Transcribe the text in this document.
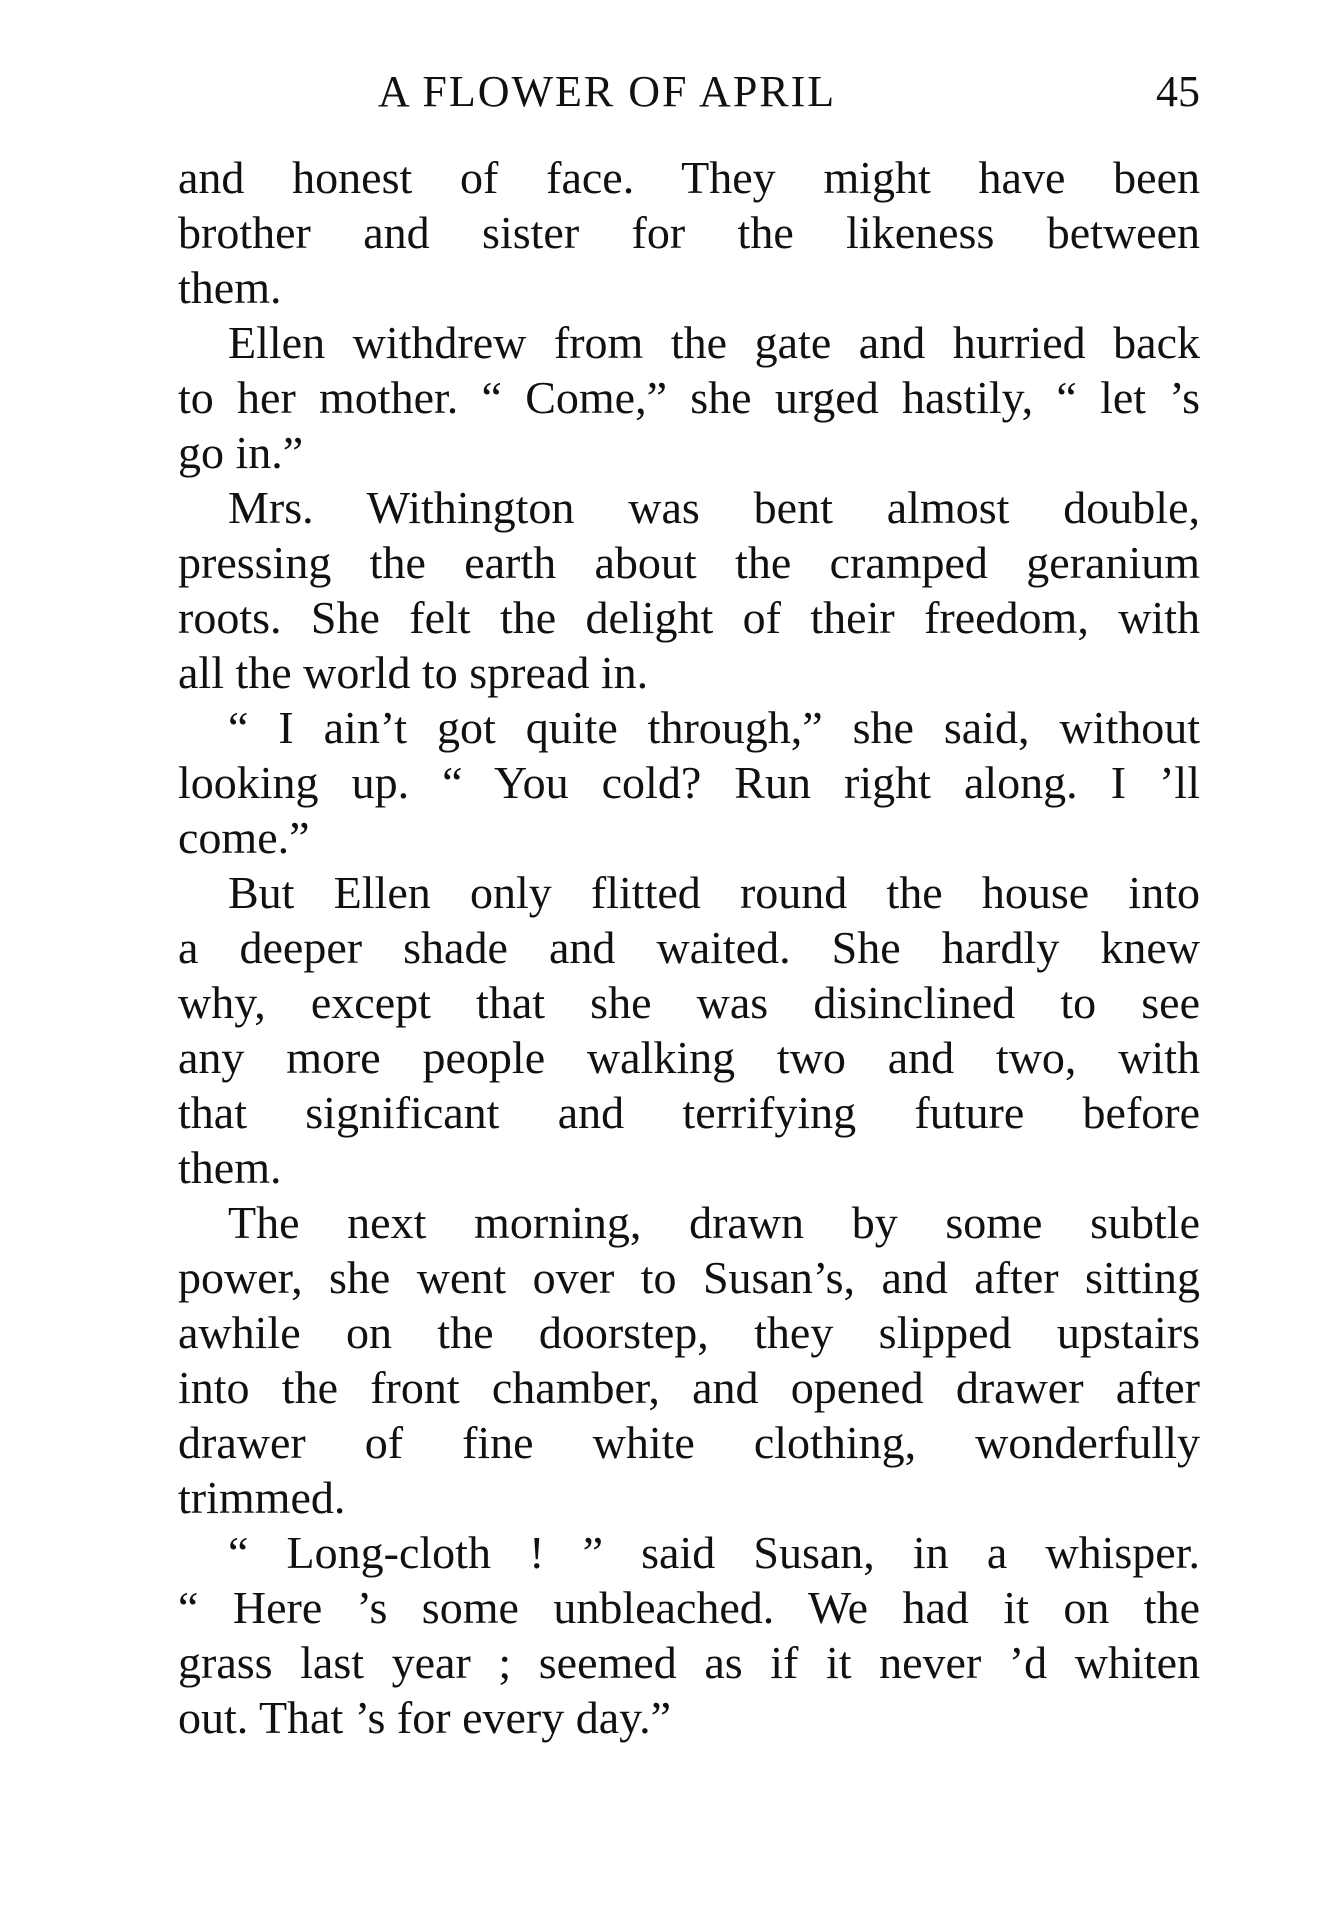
A FLOWER OF APRIL	45
and honest of face. They might have been
brother and sister for the likeness between
them.
Ellen withdrew from the gate and hurried back
to her mother. “ Come,” she urged hastily, “ let ’s
go in.”
Mrs. Withington was bent almost double,
pressing the earth about the cramped geranium
roots. She felt the delight of their freedom, with
all the world to spread in.
“ I ain’t got quite through,” she said, without
looking up. “ You cold? Run right along. I ’ll
come.”
But Ellen only flitted round the house into
a deeper shade and waited. She hardly knew
why, except that she was disinclined to see
any more people walking two and two, with
that significant and terrifying future before
them.
The next morning, drawn by some subtle
power, she went over to Susan’s, and after sitting
awhile on the doorstep, they slipped upstairs
into the front chamber, and opened drawer after
drawer of fine white clothing, wonderfully
trimmed.
“ Long-cloth ! ” said Susan, in a whisper.
“ Here ’s some unbleached. We had it on the
grass last year ; seemed as if it never ’d whiten
out. That ’s for every day.”
